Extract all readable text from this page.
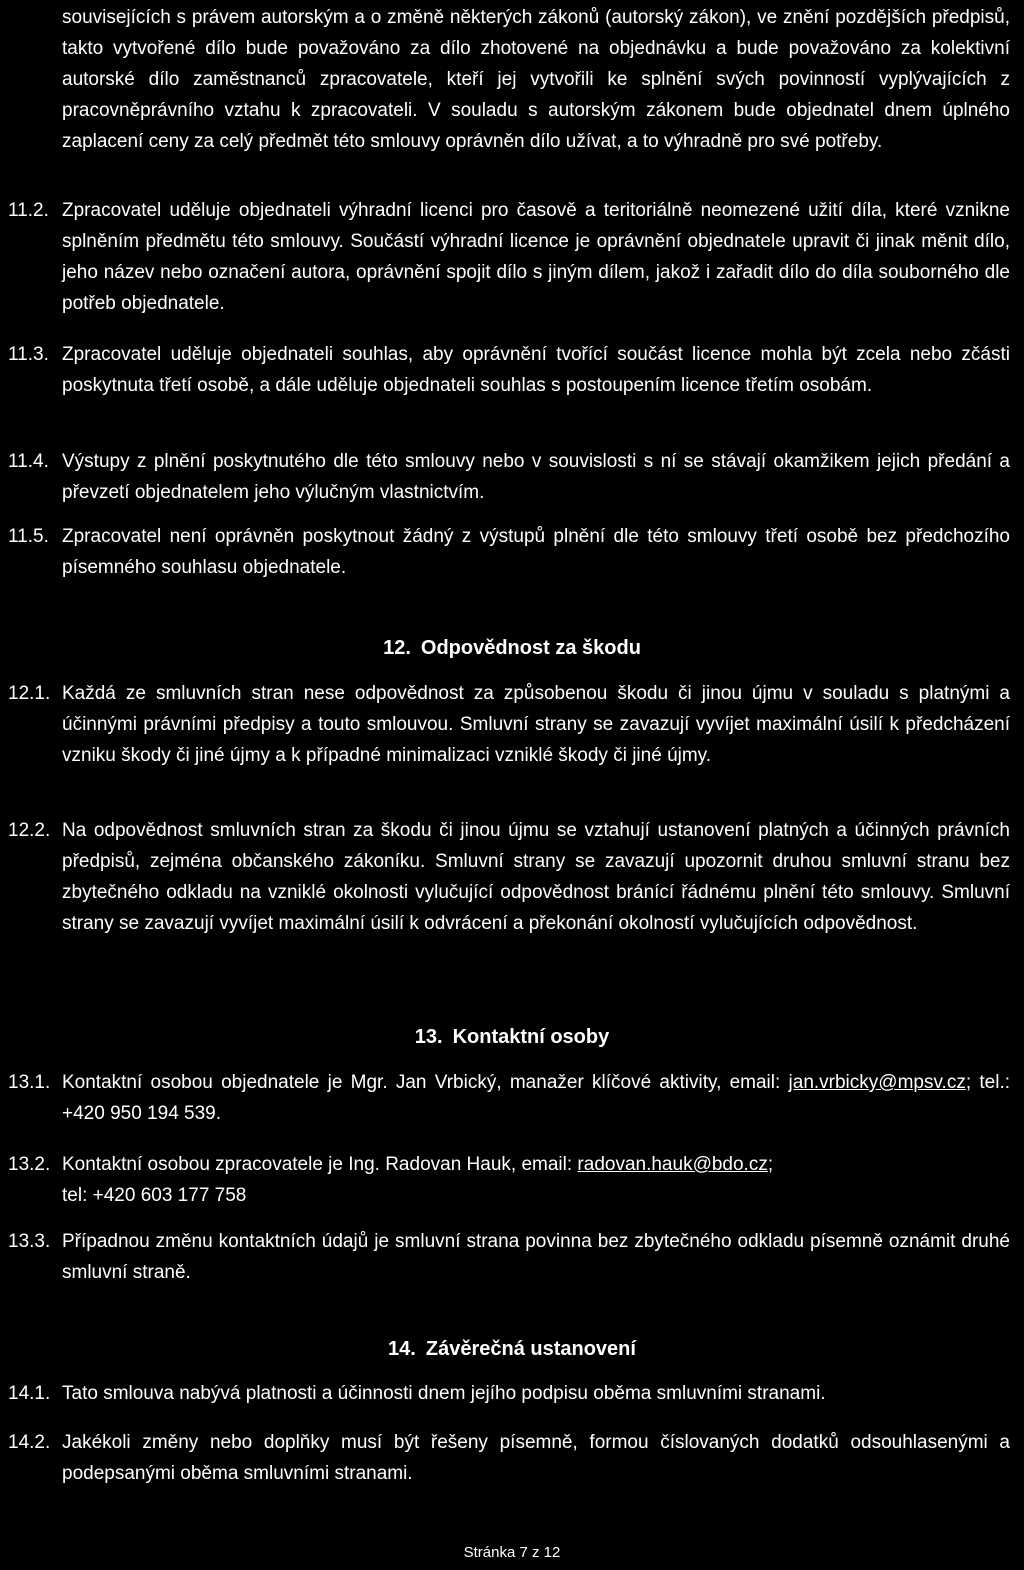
souvisejících s právem autorským a o změně některých zákonů (autorský zákon), ve znění pozdějších předpisů, takto vytvořené dílo bude považováno za dílo zhotovené na objednávku a bude považováno za kolektivní autorské dílo zaměstnanců zpracovatele, kteří jej vytvořili ke splnění svých povinností vyplývajících z pracovněprávního vztahu k zpracovateli. V souladu s autorským zákonem bude objednatel dnem úplného zaplacení ceny za celý předmět této smlouvy oprávněn dílo užívat, a to výhradně pro své potřeby.
11.2. Zpracovatel uděluje objednateli výhradní licenci pro časově a teritoriálně neomezené užití díla, které vznikne splněním předmětu této smlouvy. Součástí výhradní licence je oprávnění objednatele upravit či jinak měnit dílo, jeho název nebo označení autora, oprávnění spojit dílo s jiným dílem, jakož i zařadit dílo do díla souborného dle potřeb objednatele.
11.3. Zpracovatel uděluje objednateli souhlas, aby oprávnění tvořící součást licence mohla být zcela nebo zčásti poskytnuta třetí osobě, a dále uděluje objednateli souhlas s postoupením licence třetím osobám.
11.4. Výstupy z plnění poskytnutého dle této smlouvy nebo v souvislosti s ní se stávají okamžikem jejich předání a převzetí objednatelem jeho výlučným vlastnictvím.
11.5. Zpracovatel není oprávněn poskytnout žádný z výstupů plnění dle této smlouvy třetí osobě bez předchozího písemného souhlasu objednatele.
12. Odpovědnost za škodu
12.1. Každá ze smluvních stran nese odpovědnost za způsobenou škodu či jinou újmu v souladu s platnými a účinnými právními předpisy a touto smlouvou. Smluvní strany se zavazují vyvíjet maximální úsilí k předcházení vzniku škody či jiné újmy a k případné minimalizaci vzniklé škody či jiné újmy.
12.2. Na odpovědnost smluvních stran za škodu či jinou újmu se vztahují ustanovení platných a účinných právních předpisů, zejména občanského zákoníku. Smluvní strany se zavazují upozornit druhou smluvní stranu bez zbytečného odkladu na vzniklé okolnosti vylučující odpovědnost bránící řádnému plnění této smlouvy. Smluvní strany se zavazují vyvíjet maximální úsilí k odvrácení a překonání okolností vylučujících odpovědnost.
13. Kontaktní osoby
13.1. Kontaktní osobou objednatele je Mgr. Jan Vrbický, manažer klíčové aktivity, email: jan.vrbicky@mpsv.cz; tel.: +420 950 194 539.
13.2. Kontaktní osobou zpracovatele je Ing. Radovan Hauk, email: radovan.hauk@bdo.cz;
tel: +420 603 177 758
13.3. Případnou změnu kontaktních údajů je smluvní strana povinna bez zbytečného odkladu písemně oznámit druhé smluvní straně.
14. Závěrečná ustanovení
14.1. Tato smlouva nabývá platnosti a účinnosti dnem jejího podpisu oběma smluvními stranami.
14.2. Jakékoli změny nebo doplňky musí být řešeny písemně, formou číslovaných dodatků odsouhlasenými a podepsanými oběma smluvními stranami.
Stránka 7 z 12
